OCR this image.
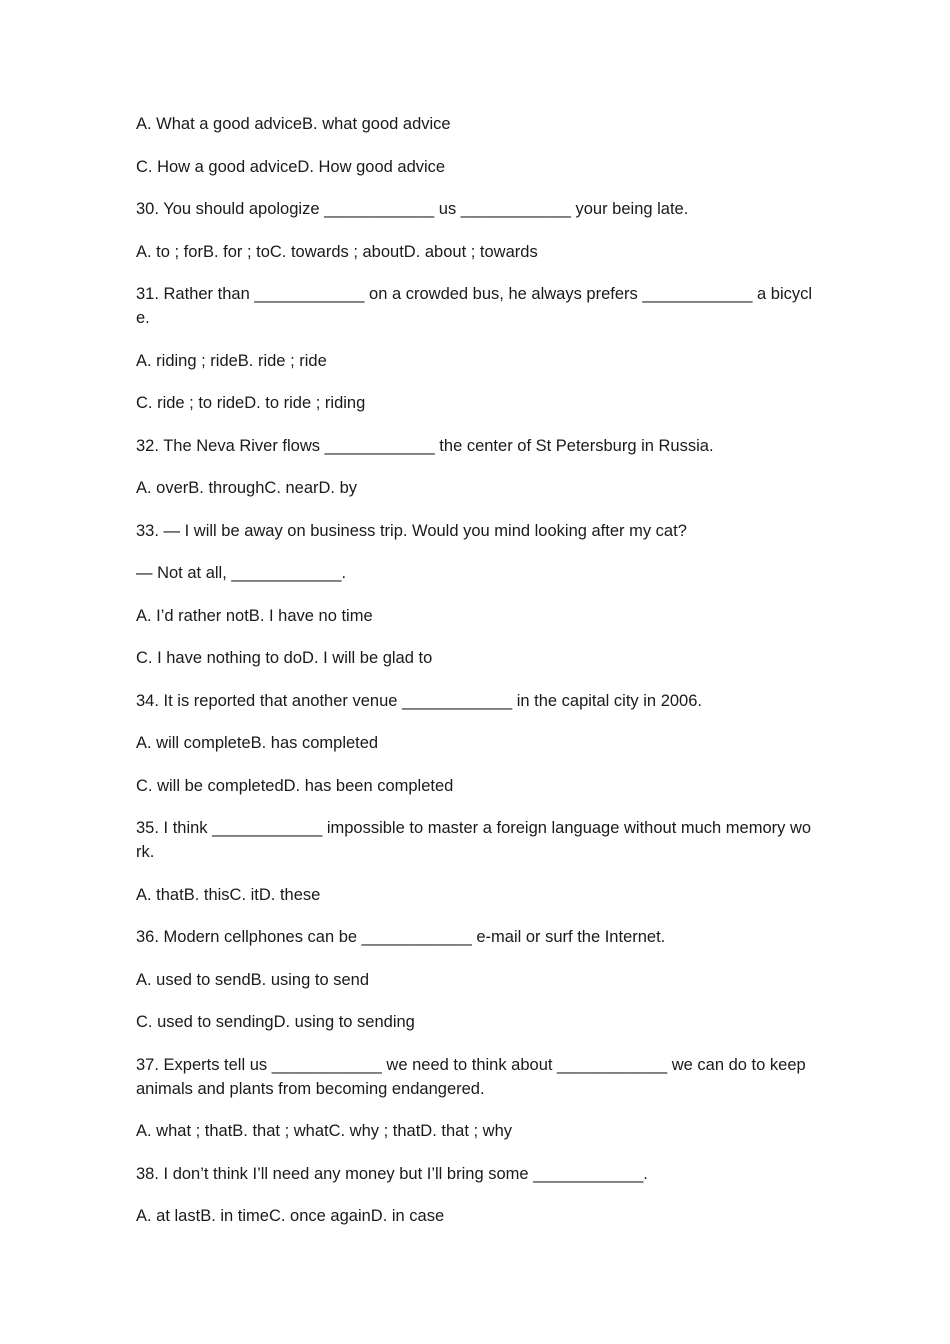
A. What a good adviceB. what good advice

C. How a good adviceD. How good advice

30. You should apologize ____________ us ____________ your being late.

A. to ; forB. for ; toC. towards ; aboutD. about ; towards

31. Rather than ____________ on a crowded bus, he always prefers ____________ a bicycle.

A. riding ; rideB. ride ; ride

C. ride ; to rideD. to ride ; riding

32. The Neva River flows ____________ the center of St Petersburg in Russia.

A. overB. throughC. nearD. by

33. — I will be away on business trip. Would you mind looking after my cat?

— Not at all, ____________.

A. I’d rather notB. I have no time

C. I have nothing to doD. I will be glad to

34. It is reported that another venue ____________ in the capital city in 2006.

A. will completeB. has completed

C. will be completedD. has been completed

35. I think ____________ impossible to master a foreign language without much memory work.

A. thatB. thisC. itD. these

36. Modern cellphones can be ____________ e-mail or surf the Internet.

A. used to sendB. using to send

C. used to sendingD. using to sending

37. Experts tell us ____________ we need to think about ____________ we can do to keep animals and plants from becoming endangered.

A. what ; thatB. that ; whatC. why ; thatD. that ; why

38. I don’t think I’ll need any money but I’ll bring some ____________.

A. at lastB. in timeC. once againD. in case
